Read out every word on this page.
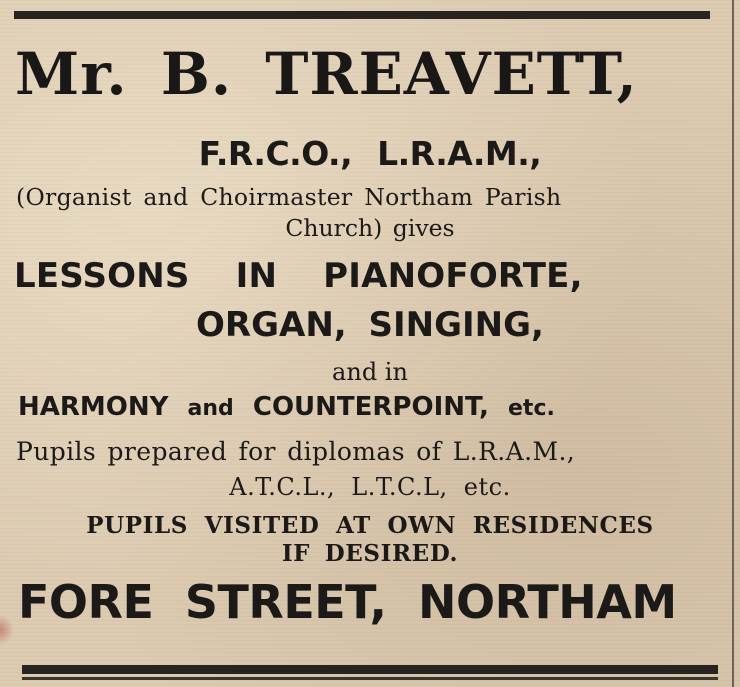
Mr. B. TREAVETT,
F.R.C.O., L.R.A.M.,
(Organist and Choirmaster Northam Parish
Church) gives
LESSONS IN PIANOFORTE,
ORGAN, SINGING,
and in
HARMONY and COUNTERPOINT, etc.
Pupils prepared for diplomas of L.R.A.M.,
A.T.C.L., L.T.C.L, etc.
PUPILS VISITED AT OWN RESIDENCES
IF DESIRED.
FORE STREET, NORTHAM
